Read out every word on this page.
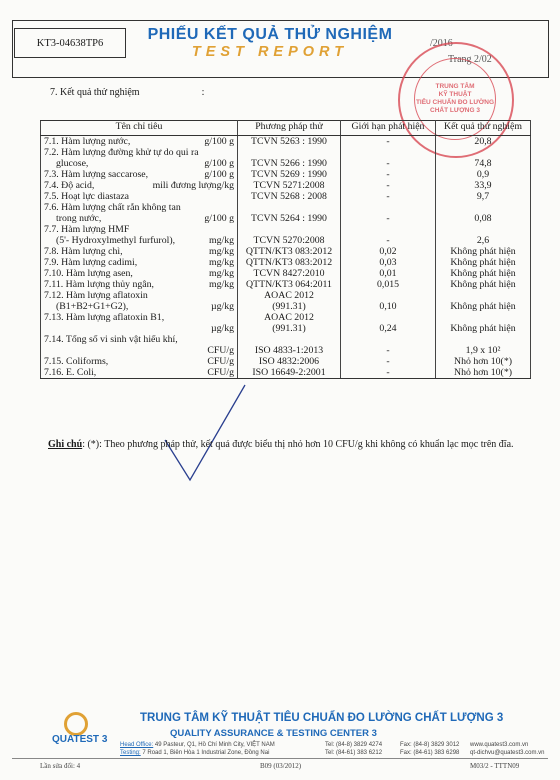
KT3-04638TP6	PHIẾU KẾT QUẢ THỬ NGHIỆM
TEST REPORT
/2016
Trang 2/02
TRUNG TÂM
KỸ THUẬT
TIÊU CHUẨN ĐO LƯỜNG
CHẤT LƯỢNG 3
7. Kết quả thử nghiệm	:
Tên chỉ tiêu	Phương pháp thử	Giới hạn phát hiện	Kết quả thử nghiệm

7.1. Hàm lượng nước, g/100 g	TCVN 5263 : 1990	-	20,8

7.2. Hàm lượng đường khử tự do qui ra			

glucose, g/100 g	TCVN 5266 : 1990	-	74,8

7.3. Hàm lượng saccarose, g/100 g	TCVN 5269 : 1990	-	0,9

7.4. Độ acid, mili đương lượng/kg	TCVN 5271:2008	-	33,9

7.5. Hoạt lực diastaza	TCVN 5268 : 2008	-	9,7

7.6. Hàm lượng chất rắn không tan			

trong nước, g/100 g	TCVN 5264 : 1990	-	0,08

7.7. Hàm lượng HMF			

(5'- Hydroxylmethyl furfurol), mg/kg	TCVN 5270:2008	-	2,6

7.8. Hàm lượng chì, mg/kg	QTTN/KT3 083:2012	0,02	Không phát hiện

7.9. Hàm lượng cadimi, mg/kg	QTTN/KT3 083:2012	0,03	Không phát hiện

7.10. Hàm lượng asen, mg/kg	TCVN 8427:2010	0,01	Không phát hiện

7.11. Hàm lượng thủy ngân, mg/kg	QTTN/KT3 064:2011	0,015	Không phát hiện

7.12. Hàm lượng aflatoxin	AOAC 2012		

(B1+B2+G1+G2), µg/kg	(991.31)	0,10	Không phát hiện

7.13. Hàm lượng aflatoxin B1,	AOAC 2012		

µg/kg	(991.31)	0,24	Không phát hiện

7.14. Tổng số vi sinh vật hiếu khí,			

CFU/g	ISO 4833-1:2013	-	1,9 x 10²

7.15. Coliforms, CFU/g	ISO 4832:2006	-	Nhỏ hơn 10(*)

7.16. E. Coli, CFU/g	ISO 16649-2:2001	-	Nhỏ hơn 10(*)
Ghi chú: (*): Theo phương pháp thử, kết quả được biểu thị nhỏ hơn 10 CFU/g khi không có khuẩn lạc mọc trên đĩa.
QUATEST 3
TRUNG TÂM KỸ THUẬT TIÊU CHUẨN ĐO LƯỜNG CHẤT LƯỢNG 3
QUALITY ASSURANCE & TESTING CENTER 3
Head Office: 49 Pasteur, Q1, Hồ Chí Minh City, VIỆT NAM	Tel: (84-8) 3829 4274	Fax: (84-8) 3829 3012 www.quatest3.com.vn
Testing: 7 Road 1, Biên Hòa 1 Industrial Zone, Đồng Nai	Tel: (84-61) 383 6212	Fax: (84-61) 383 6298 qt-dichvu@quatest3.com.vn
Lần sửa đổi: 4	B09 (03/2012)	M03/2 - TTTN09
